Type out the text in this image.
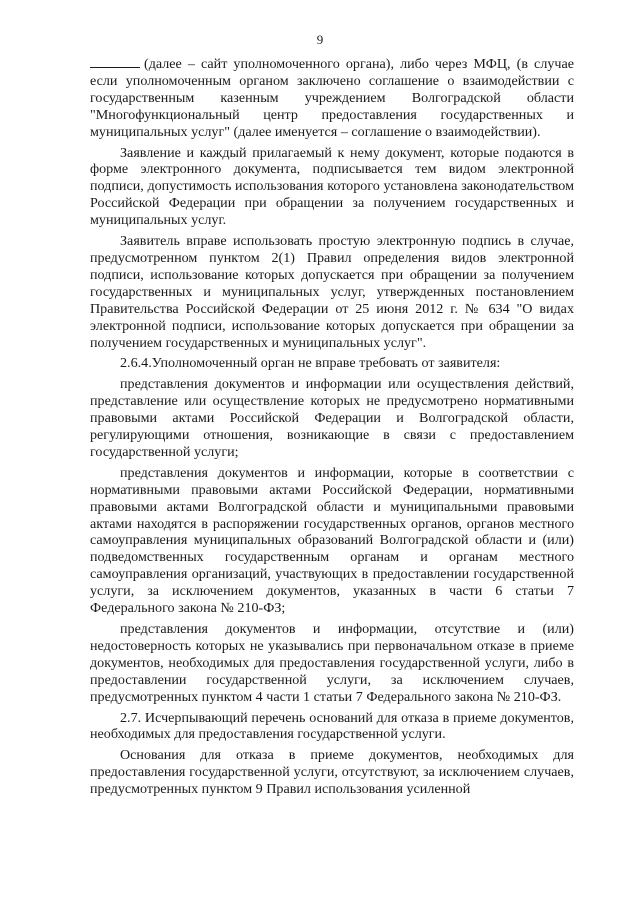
9

(далее – сайт уполномоченного органа), либо через МФЦ, (в случае если уполномоченным органом заключено соглашение о взаимодействии с государственным казенным учреждением Волгоградской области "Многофункциональный центр предоставления государственных и муниципальных услуг" (далее именуется – соглашение о взаимодействии).

Заявление и каждый прилагаемый к нему документ, которые подаются в форме электронного документа, подписывается тем видом электронной подписи, допустимость использования которого установлена законодательством Российской Федерации при обращении за получением государственных и муниципальных услуг.

Заявитель вправе использовать простую электронную подпись в случае, предусмотренном пунктом 2(1) Правил определения видов электронной подписи, использование которых допускается при обращении за получением государственных и муниципальных услуг, утвержденных постановлением Правительства Российской Федерации от 25 июня 2012 г. № 634 "О видах электронной подписи, использование которых допускается при обращении за получением государственных и муниципальных услуг".

2.6.4.Уполномоченный орган не вправе требовать от заявителя:

представления документов и информации или осуществления действий, представление или осуществление которых не предусмотрено нормативными правовыми актами Российской Федерации и Волгоградской области, регулирующими отношения, возникающие в связи с предоставлением государственной услуги;

представления документов и информации, которые в соответствии с нормативными правовыми актами Российской Федерации, нормативными правовыми актами Волгоградской области и муниципальными правовыми актами находятся в распоряжении государственных органов, органов местного самоуправления муниципальных образований Волгоградской области и (или) подведомственных государственным органам и органам местного самоуправления организаций, участвующих в предоставлении государственной услуги, за исключением документов, указанных в части 6 статьи 7 Федерального закона № 210-ФЗ;

представления документов и информации, отсутствие и (или) недостоверность которых не указывались при первоначальном отказе в приеме документов, необходимых для предоставления государственной услуги, либо в предоставлении государственной услуги, за исключением случаев, предусмотренных пунктом 4 части 1 статьи 7 Федерального закона № 210-ФЗ.

2.7. Исчерпывающий перечень оснований для отказа в приеме документов, необходимых для предоставления государственной услуги.

Основания для отказа в приеме документов, необходимых для предоставления государственной услуги, отсутствуют, за исключением случаев, предусмотренных пунктом 9 Правил использования усиленной
